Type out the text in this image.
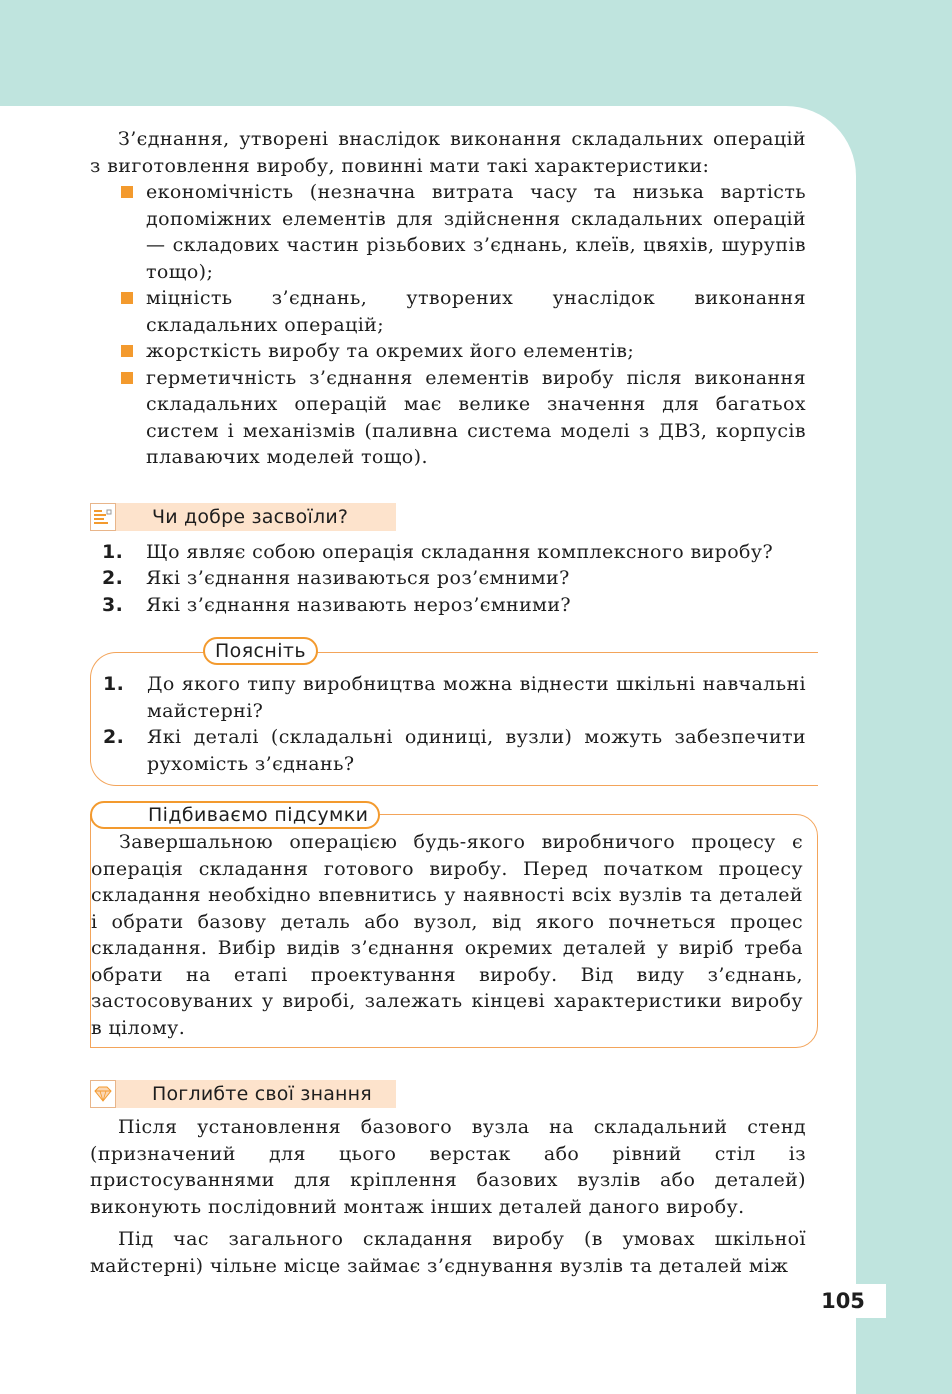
З’єднання, утворені внаслідок виконання складальних операцій з виготовлення виробу, повинні мати такі характеристики:

економічність (незначна витрата часу та низька вартість допоміжних елементів для здійснення складальних операцій — складових частин різьбових з’єднань, клеїв, цвяхів, шурупів тощо);
міцність з’єднань, утворених унаслідок виконання складальних операцій;
жорсткість виробу та окремих його елементів;
герметичність з’єднання елементів виробу після виконання складальних операцій має велике значення для багатьох систем і механізмів (паливна система моделі з ДВЗ, корпусів плаваючих моделей тощо).
Чи добре засвоїли?
1. Що являє собою операція складання комплексного виробу?
2. Які з’єднання називаються роз’ємними?
3. Які з’єднання називають нероз’ємними?
Поясніть
1. До якого типу виробництва можна віднести шкільні навчальні майстерні?
2. Які деталі (складальні одиниці, вузли) можуть забезпечити рухомість з’єднань?
Підбиваємо підсумки

Завершальною операцією будь-якого виробничого процесу є операція складання готового виробу. Перед початком процесу складання необхідно впевнитись у наявності всіх вузлів та деталей і обрати базову деталь або вузол, від якого почнеться процес складання. Вибір видів з’єднання окремих деталей у виріб треба обрати на етапі проектування виробу. Від виду з’єднань, застосовуваних у виробі, залежать кінцеві характеристики виробу в цілому.

Поглибте свої знання

Після установлення базового вузла на складальний стенд (призначений для цього верстак або рівний стіл із пристосуваннями для кріплення базових вузлів або деталей) виконують послідовний монтаж інших деталей даного виробу.

Під час загального складання виробу (в умовах шкільної майстерні) чільне місце займає з’єднування вузлів та деталей між

105
